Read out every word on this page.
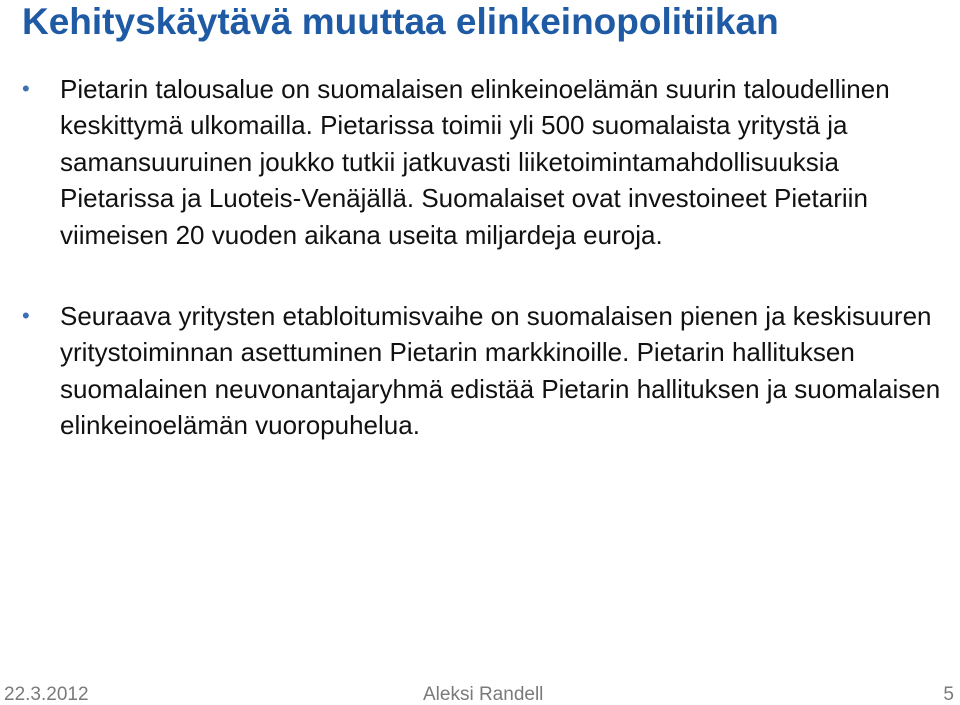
Kehityskäytävä muuttaa elinkeinopolitiikan
•	Pietarin talousalue on suomalaisen elinkeinoelämän suurin taloudellinen keskittymä ulkomailla. Pietarissa toimii yli 500 suomalaista yritystä ja samansuuruinen joukko tutkii jatkuvasti liiketoimintamahdollisuuksia Pietarissa ja Luoteis-Venäjällä. Suomalaiset ovat investoineet Pietariin viimeisen 20 vuoden aikana useita miljardeja euroja.
•	Seuraava yritysten etabloitumisvaihe on suomalaisen pienen ja keskisuuren yritystoiminnan asettuminen Pietarin markkinoille. Pietarin hallituksen suomalainen neuvonantajaryhmä edistää Pietarin hallituksen ja suomalaisen elinkeinoelämän vuoropuhelua.
22.3.2012	Aleksi Randell	5
